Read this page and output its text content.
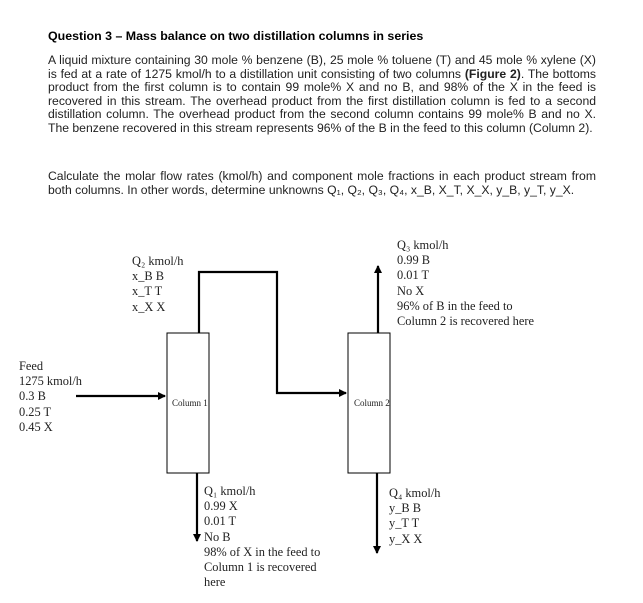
Question 3 – Mass balance on two distillation columns in series
A liquid mixture containing 30 mole % benzene (B), 25 mole % toluene (T) and 45 mole % xylene (X) is fed at a rate of 1275 kmol/h to a distillation unit consisting of two columns (Figure 2). The bottoms product from the first column is to contain 99 mole% X and no B, and 98% of the X in the feed is recovered in this stream. The overhead product from the first distillation column is fed to a second distillation column. The overhead product from the second column contains 99 mole% B and no X. The benzene recovered in this stream represents 96% of the B in the feed to this column (Column 2).
Calculate the molar flow rates (kmol/h) and component mole fractions in each product stream from both columns. In other words, determine unknowns Q₁, Q₂, Q₃, Q₄, x_B, X_T, X_X, y_B, y_T, y_X.
Column 1	Column 2
Feed
1275 kmol/h
0.3 B
0.25 T
0.45 X
Q₂ kmol/h
x_B B
x_T T
x_X X
Q₃ kmol/h
0.99 B
0.01 T
No X
96% of B in the feed to
Column 2 is recovered here
Q₁ kmol/h
0.99 X
0.01 T
No B
98% of X in the feed to
Column 1 is recovered
here
Q₄ kmol/h
y_B B
y_T T
y_X X
